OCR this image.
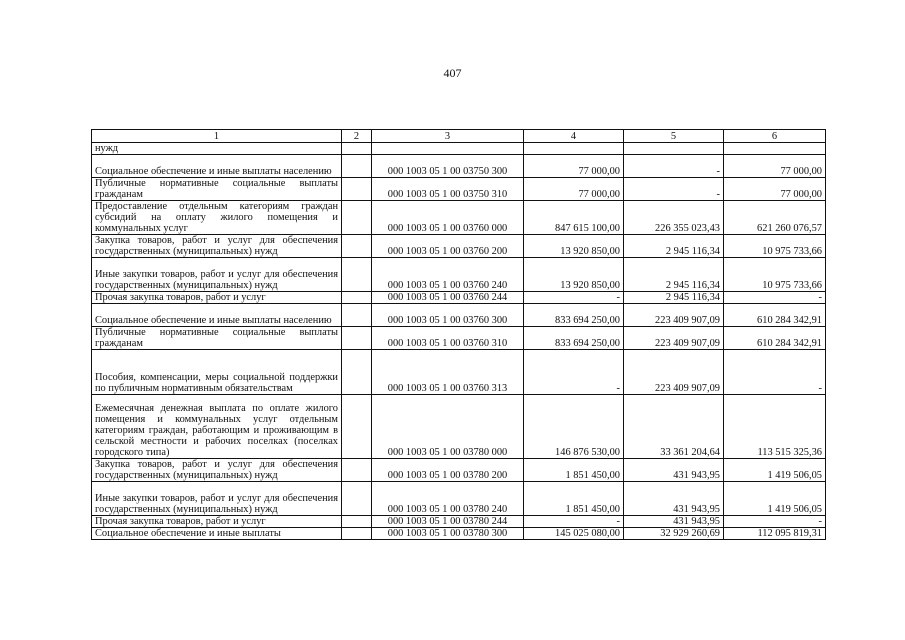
407
1	2	3	4	5	6
нужд					
Социальное обеспечение и иные выплаты населению		000 1003 05 1 00 03750 300	77 000,00	-	77 000,00
Публичные нормативные социальные выплаты гражданам		000 1003 05 1 00 03750 310	77 000,00	-	77 000,00
Предоставление отдельным категориям граждан субсидий на оплату жилого помещения и коммунальных услуг		000 1003 05 1 00 03760 000	847 615 100,00	226 355 023,43	621 260 076,57
Закупка товаров, работ и услуг для обеспечения государственных (муниципальных) нужд		000 1003 05 1 00 03760 200	13 920 850,00	2 945 116,34	10 975 733,66
Иные закупки товаров, работ и услуг для обеспечения государственных (муниципальных) нужд		000 1003 05 1 00 03760 240	13 920 850,00	2 945 116,34	10 975 733,66
Прочая закупка товаров, работ и услуг		000 1003 05 1 00 03760 244	-	2 945 116,34	-
Социальное обеспечение и иные выплаты населению		000 1003 05 1 00 03760 300	833 694 250,00	223 409 907,09	610 284 342,91
Публичные нормативные социальные выплаты гражданам		000 1003 05 1 00 03760 310	833 694 250,00	223 409 907,09	610 284 342,91
Пособия, компенсации, меры социальной поддержки по публичным нормативным обязательствам		000 1003 05 1 00 03760 313	-	223 409 907,09	-
Ежемесячная денежная выплата по оплате жилого помещения и коммунальных услуг отдельным категориям граждан, работающим и проживающим в сельской местности и рабочих поселках (поселках городского типа)		000 1003 05 1 00 03780 000	146 876 530,00	33 361 204,64	113 515 325,36
Закупка товаров, работ и услуг для обеспечения государственных (муниципальных) нужд		000 1003 05 1 00 03780 200	1 851 450,00	431 943,95	1 419 506,05
Иные закупки товаров, работ и услуг для обеспечения государственных (муниципальных) нужд		000 1003 05 1 00 03780 240	1 851 450,00	431 943,95	1 419 506,05
Прочая закупка товаров, работ и услуг		000 1003 05 1 00 03780 244	-	431 943,95	-
Социальное обеспечение и иные выплаты		000 1003 05 1 00 03780 300	145 025 080,00	32 929 260,69	112 095 819,31
